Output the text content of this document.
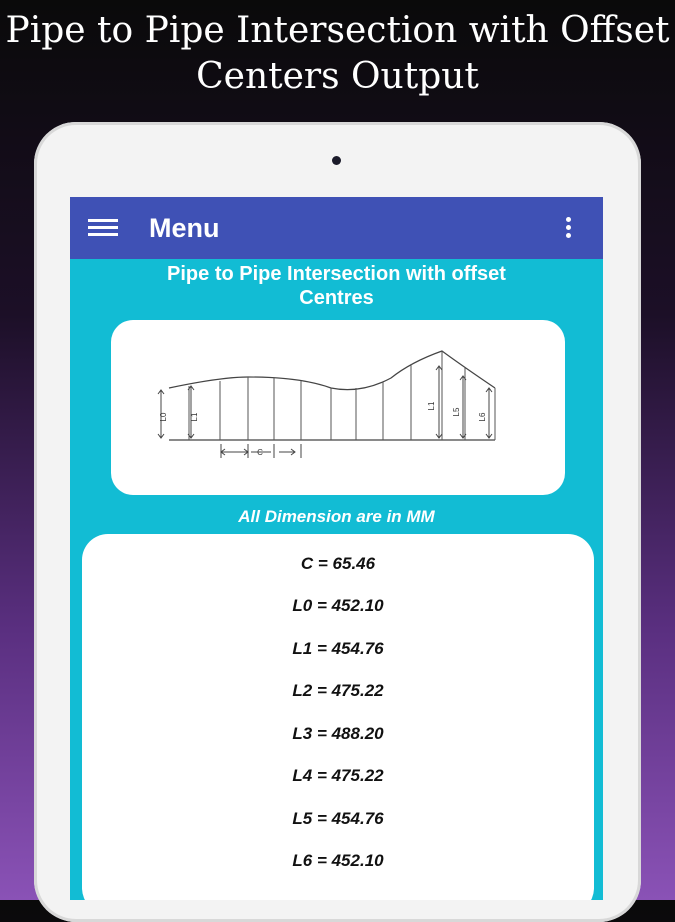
Pipe to Pipe Intersection with Offset
Centers Output
Menu
Pipe to Pipe Intersection with offset
Centres
L0	L1
L1
L5
L6
C
All Dimension are in MM
C = 65.46
L0 = 452.10
L1 = 454.76
L2 = 475.22
L3 = 488.20
L4 = 475.22
L5 = 454.76
L6 = 452.10
